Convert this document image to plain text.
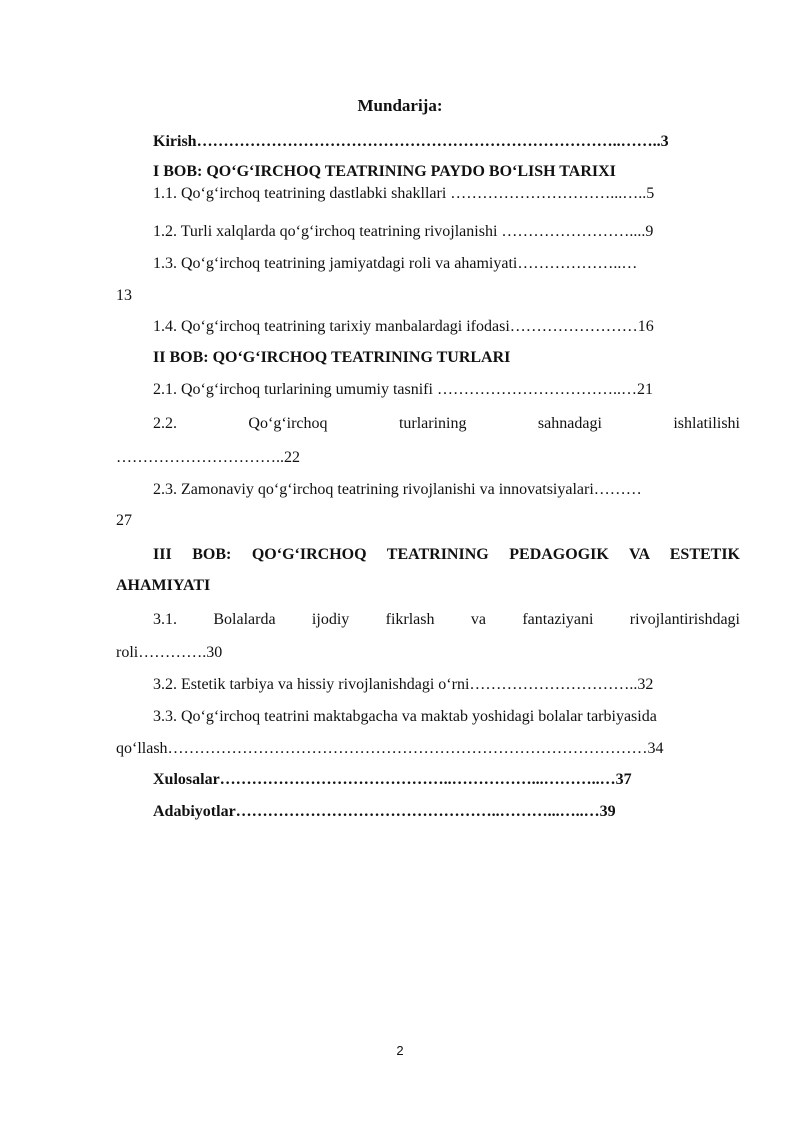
Mundarija:
Kirish……………………………………………………………………..……..3
I BOB: QO‘G‘IRCHOQ TEATRINING PAYDO BO‘LISH TARIXI
1.1. Qo‘g‘irchoq teatrining dastlabki shakllari …………………………...…..5
1.2. Turli xalqlarda qo‘g‘irchoq teatrining rivojlanishi ……………………....9
1.3. Qo‘g‘irchoq teatrining jamiyatdagi roli va ahamiyati………………..…
13
1.4. Qo‘g‘irchoq teatrining tarixiy manbalardagi ifodasi……………………16
II BOB: QO‘G‘IRCHOQ TEATRINING TURLARI
2.1. Qo‘g‘irchoq turlarining umumiy tasnifi ……………………………..…21
2.2. Qo‘g‘irchoq turlarining sahnadagi ishlatilishi
…………………………..22
2.3. Zamonaviy qo‘g‘irchoq teatrining rivojlanishi va innovatsiyalari………
27
III BOB: QO‘G‘IRCHOQ TEATRINING PEDAGOGIK VA ESTETIK
AHAMIYATI
3.1. Bolalarda ijodiy fikrlash va fantaziyani rivojlantirishdagi
roli………….30
3.2. Estetik tarbiya va hissiy rivojlanishdagi o‘rni…………………………..32
3.3. Qo‘g‘irchoq teatrini maktabgacha va maktab yoshidagi bolalar tarbiyasida
qo‘llash………………………………………………………………………………34
Xulosalar……………………………………..……………...………..…37
Adabiyotlar…………………………………………..………...…..…39
2
